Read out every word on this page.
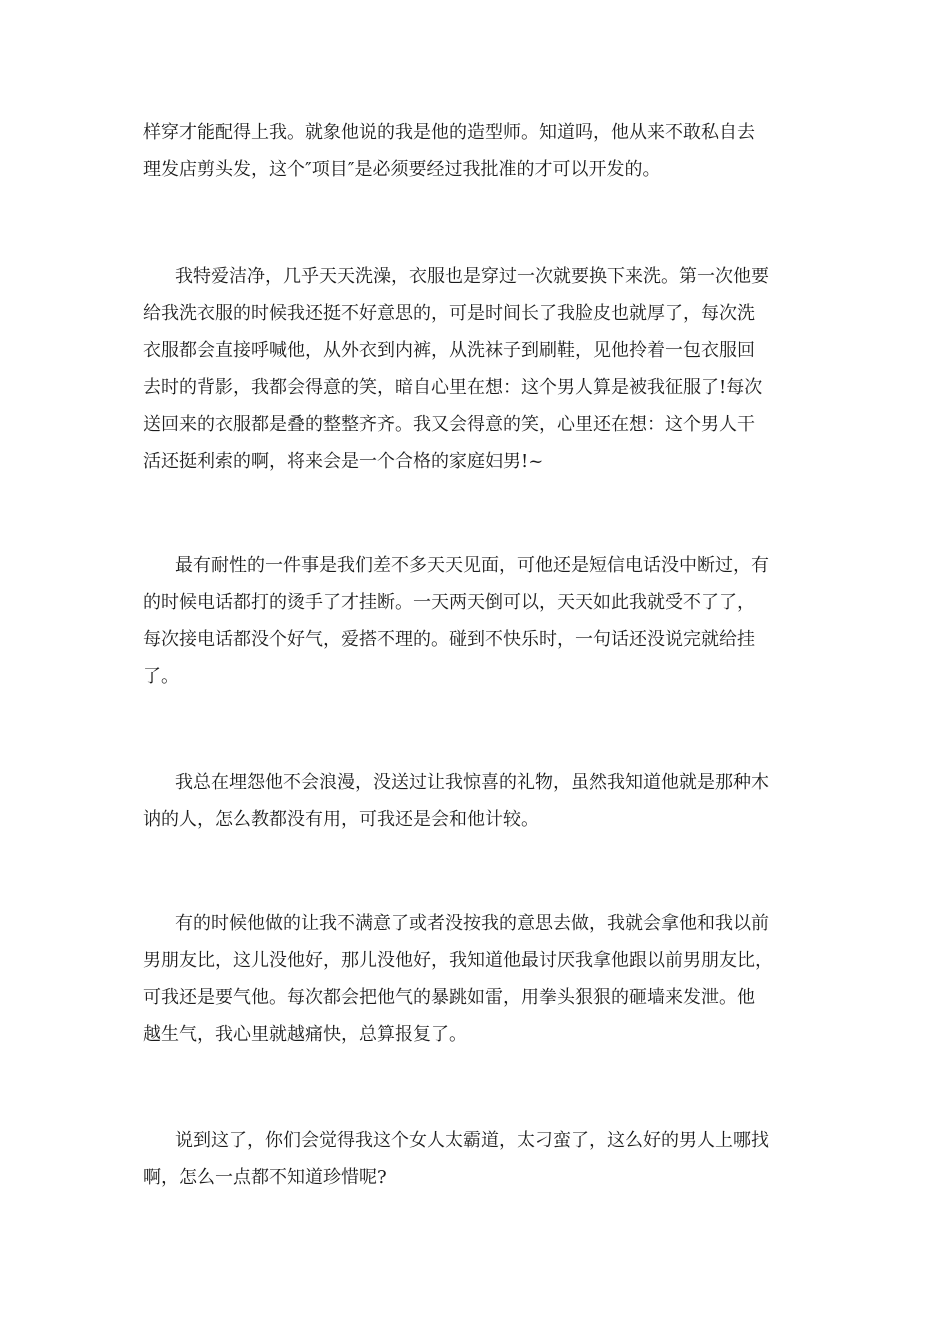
样穿才能配得上我。就象他说的我是他的造型师。知道吗，他从来不敢私自去
理发店剪头发，这个″项目″是必须要经过我批准的才可以开发的。

我特爱洁净，几乎天天洗澡，衣服也是穿过一次就要换下来洗。第一次他要
给我洗衣服的时候我还挺不好意思的，可是时间长了我脸皮也就厚了，每次洗
衣服都会直接呼喊他，从外衣到内裤，从洗袜子到刷鞋，见他拎着一包衣服回
去时的背影，我都会得意的笑，暗自心里在想：这个男人算是被我征服了!每次
送回来的衣服都是叠的整整齐齐。我又会得意的笑，心里还在想：这个男人干
活还挺利索的啊，将来会是一个合格的家庭妇男!~

最有耐性的一件事是我们差不多天天见面，可他还是短信电话没中断过，有
的时候电话都打的烫手了才挂断。一天两天倒可以，天天如此我就受不了了，
每次接电话都没个好气，爱搭不理的。碰到不快乐时，一句话还没说完就给挂
了。

我总在埋怨他不会浪漫，没送过让我惊喜的礼物，虽然我知道他就是那种木
讷的人，怎么教都没有用，可我还是会和他计较。

有的时候他做的让我不满意了或者没按我的意思去做，我就会拿他和我以前
男朋友比，这儿没他好，那儿没他好，我知道他最讨厌我拿他跟以前男朋友比，
可我还是要气他。每次都会把他气的暴跳如雷，用拳头狠狠的砸墙来发泄。他
越生气，我心里就越痛快，总算报复了。

说到这了，你们会觉得我这个女人太霸道，太刁蛮了，这么好的男人上哪找
啊，怎么一点都不知道珍惜呢?
